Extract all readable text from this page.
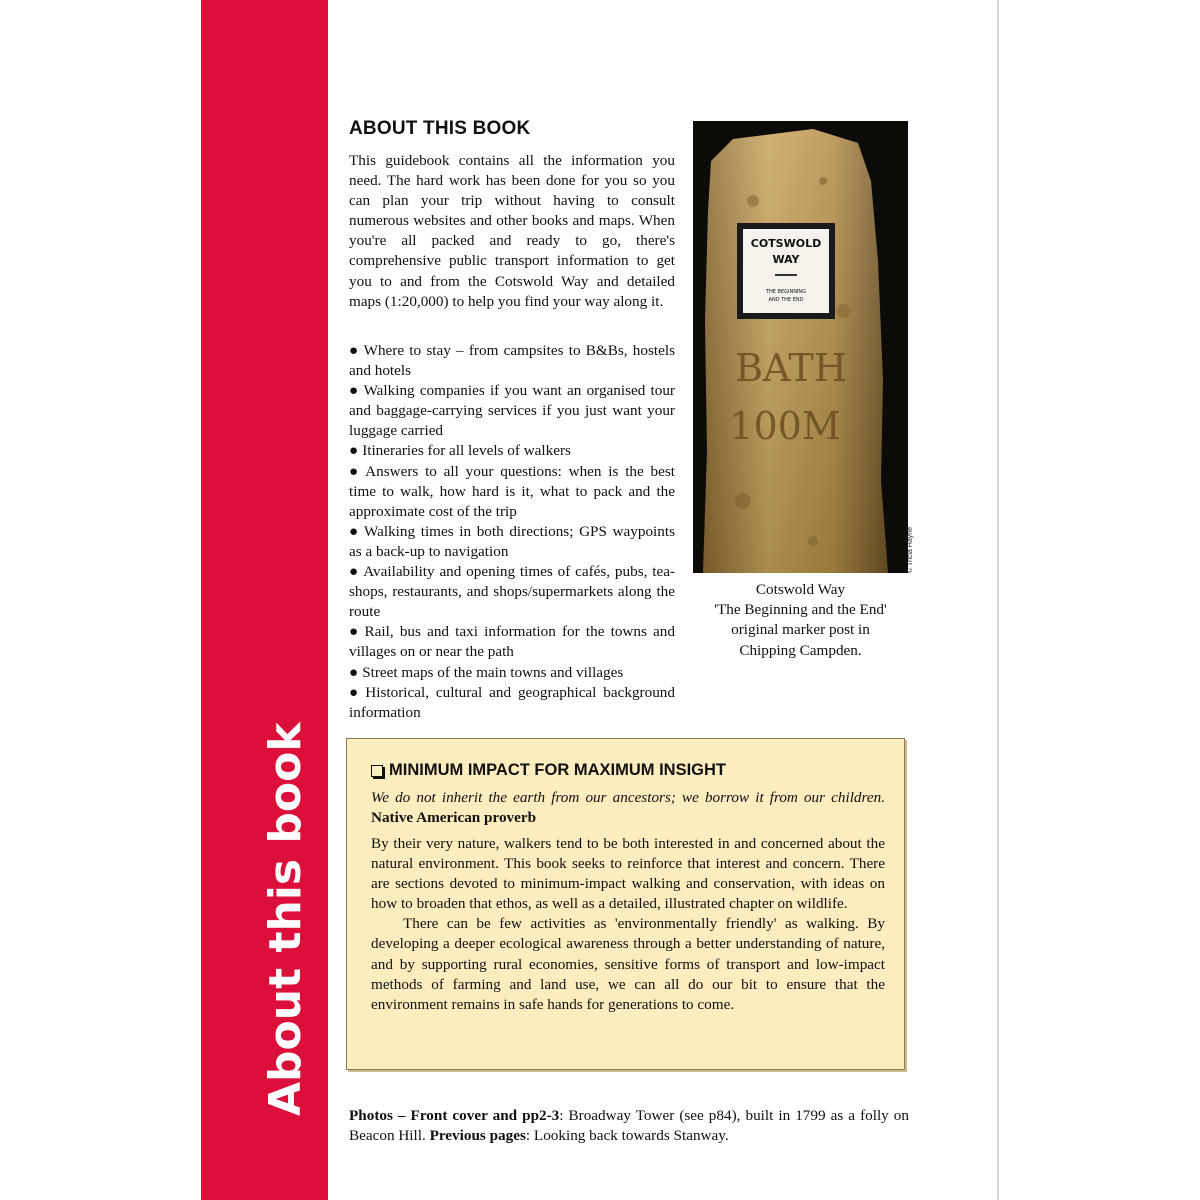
About this book
ABOUT THIS BOOK

This guidebook contains all the information you need. The hard work has been done for you so you can plan your trip without having to consult numerous websites and other books and maps. When you're all packed and ready to go, there's comprehensive public transport information to get you to and from the Cotswold Way and detailed maps (1:20,000) to help you find your way along it.

● Where to stay – from campsites to B&Bs, hostels and hotels
● Walking companies if you want an organised tour and baggage-carrying services if you just want your luggage carried
● Itineraries for all levels of walkers
● Answers to all your questions: when is the best time to walk, how hard is it, what to pack and the approximate cost of the trip
● Walking times in both directions; GPS waypoints as a back-up to navigation
● Availability and opening times of cafés, pubs, tea-shops, restaurants, and shops/supermarkets along the route
● Rail, bus and taxi information for the towns and villages on or near the path
● Street maps of the main towns and villages
● Historical, cultural and geographical background information
COTSWOLD
WAY
THE BEGINNING
AND THE END
BATH
100M
© Tricia Hayne
Cotswold Way
'The Beginning and the End'
original marker post in
Chipping Campden.
MINIMUM IMPACT FOR MAXIMUM INSIGHT

We do not inherit the earth from our ancestors; we borrow it from our children. Native American proverb

By their very nature, walkers tend to be both interested in and concerned about the natural environment. This book seeks to reinforce that interest and concern. There are sections devoted to minimum-impact walking and conservation, with ideas on how to broaden that ethos, as well as a detailed, illustrated chapter on wildlife.

There can be few activities as 'environmentally friendly' as walking. By developing a deeper ecological awareness through a better understanding of nature, and by supporting rural economies, sensitive forms of transport and low-impact methods of farming and land use, we can all do our bit to ensure that the environment remains in safe hands for generations to come.

Photos – Front cover and pp2-3: Broadway Tower (see p84), built in 1799 as a folly on Beacon Hill. Previous pages: Looking back towards Stanway.
